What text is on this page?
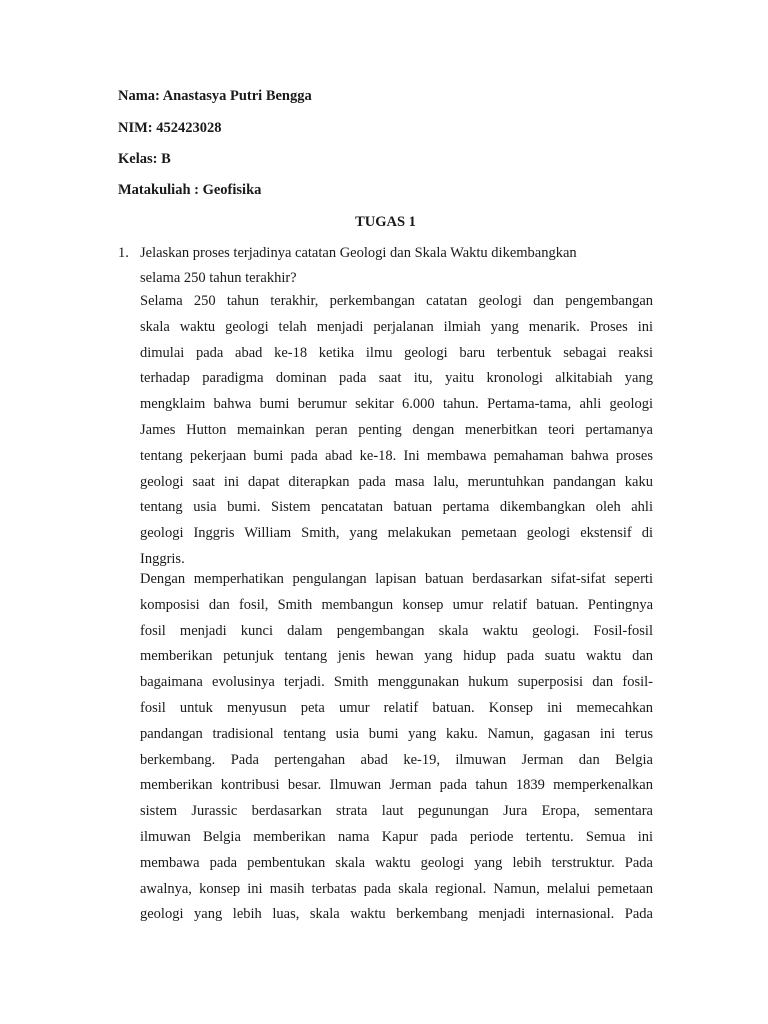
Nama: Anastasya Putri Bengga
NIM: 452423028
Kelas: B
Matakuliah : Geofisika
TUGAS 1
1. Jelaskan proses terjadinya catatan Geologi dan Skala Waktu dikembangkan
selama 250 tahun terakhir?
Selama 250 tahun terakhir, perkembangan catatan geologi dan pengembangan
skala waktu geologi telah menjadi perjalanan ilmiah yang menarik. Proses ini
dimulai pada abad ke-18 ketika ilmu geologi baru terbentuk sebagai reaksi
terhadap paradigma dominan pada saat itu, yaitu kronologi alkitabiah yang
mengklaim bahwa bumi berumur sekitar 6.000 tahun. Pertama-tama, ahli geologi
James Hutton memainkan peran penting dengan menerbitkan teori pertamanya
tentang pekerjaan bumi pada abad ke-18. Ini membawa pemahaman bahwa proses
geologi saat ini dapat diterapkan pada masa lalu, meruntuhkan pandangan kaku
tentang usia bumi. Sistem pencatatan batuan pertama dikembangkan oleh ahli
geologi Inggris William Smith, yang melakukan pemetaan geologi ekstensif di
Inggris.
Dengan memperhatikan pengulangan lapisan batuan berdasarkan sifat-sifat seperti
komposisi dan fosil, Smith membangun konsep umur relatif batuan. Pentingnya
fosil menjadi kunci dalam pengembangan skala waktu geologi. Fosil-fosil
memberikan petunjuk tentang jenis hewan yang hidup pada suatu waktu dan
bagaimana evolusinya terjadi. Smith menggunakan hukum superposisi dan fosil-
fosil untuk menyusun peta umur relatif batuan. Konsep ini memecahkan
pandangan tradisional tentang usia bumi yang kaku. Namun, gagasan ini terus
berkembang. Pada pertengahan abad ke-19, ilmuwan Jerman dan Belgia
memberikan kontribusi besar. Ilmuwan Jerman pada tahun 1839 memperkenalkan
sistem Jurassic berdasarkan strata laut pegunungan Jura Eropa, sementara
ilmuwan Belgia memberikan nama Kapur pada periode tertentu. Semua ini
membawa pada pembentukan skala waktu geologi yang lebih terstruktur. Pada
awalnya, konsep ini masih terbatas pada skala regional. Namun, melalui pemetaan
geologi yang lebih luas, skala waktu berkembang menjadi internasional. Pada
